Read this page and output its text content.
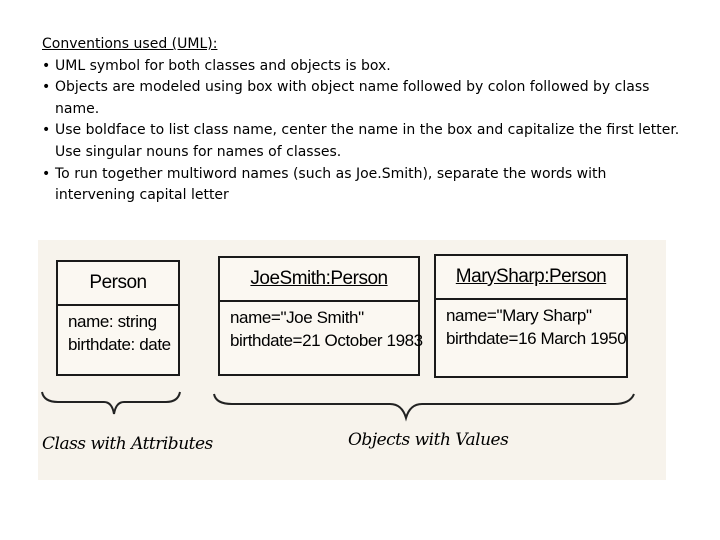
Conventions used (UML):

• UML symbol for both classes and objects is box.

• Objects are modeled using box with object name followed by colon followed by class name.

• Use boldface to list class name, center the name in the box and capitalize the first letter. Use singular nouns for names of classes.

• To run together multiword names (such as Joe.Smith), separate the words with intervening capital letter

Person
name: string
birthdate: date
JoeSmith:Person
name="Joe Smith"
birthdate=21 October 1983
MarySharp:Person
name="Mary Sharp"
birthdate=16 March 1950
Class with Attributes	Objects with Values
